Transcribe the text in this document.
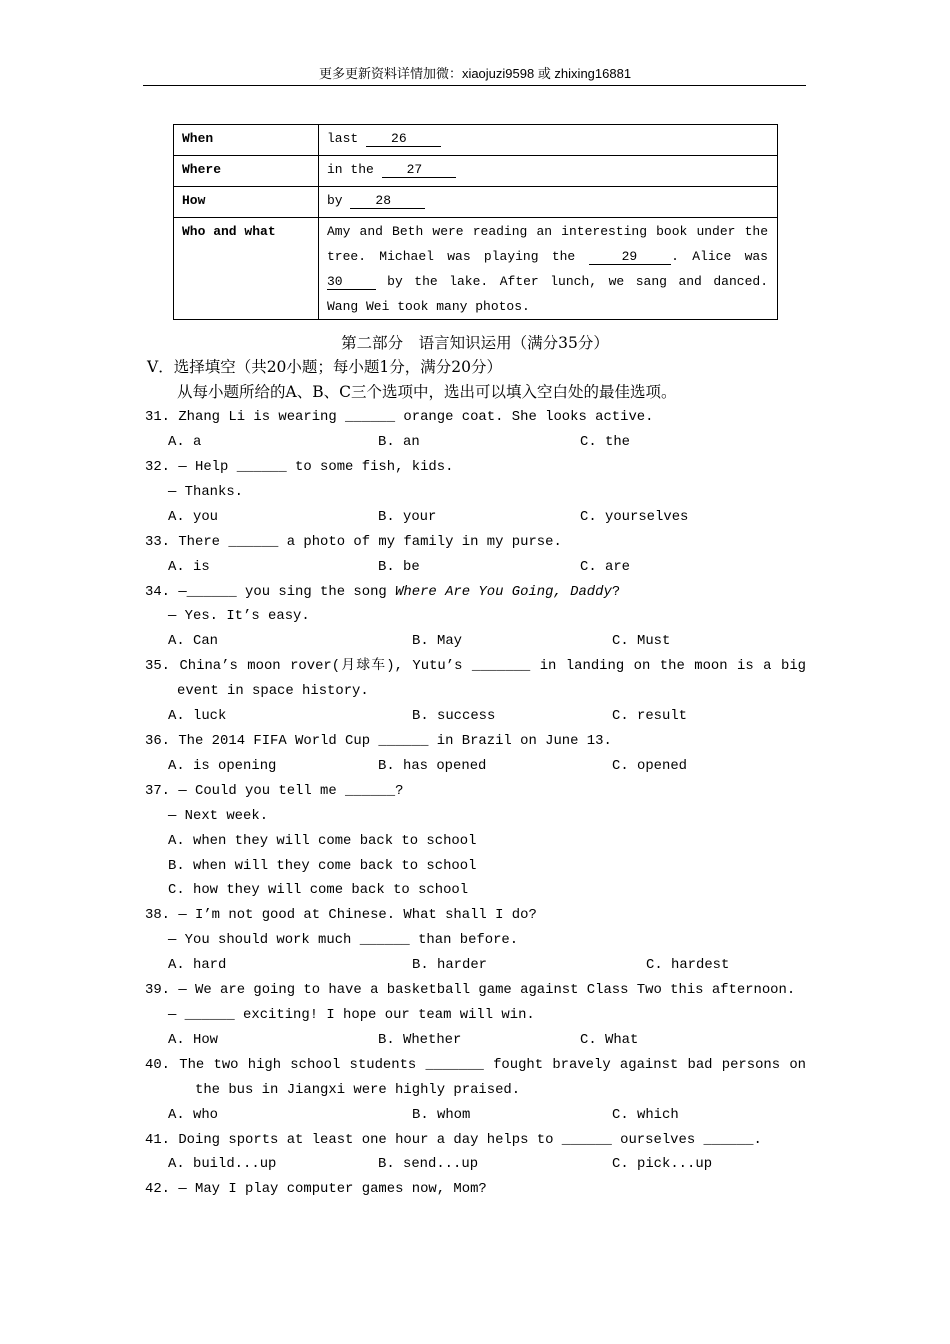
更多更新资料详情加微：xiaojuzi9598 或 zhixing16881
When	last 26
Where	in the 27
How	by 28
Who and what	Amy and Beth were reading an interesting book under the
tree. Michael was playing the 29 . Alice was
30 by the lake. After lunch, we sang and danced.
Wang Wei took many photos.
第二部分　语言知识运用（满分35分）
V．选择填空（共20小题；每小题1分，满分20分）
从每小题所给的A、B、C三个选项中，选出可以填入空白处的最佳选项。
31. Zhang Li is wearing ______ orange coat. She looks active.
A. a	B. an	C. the
32. — Help ______ to some fish, kids.
— Thanks.
A. you	B. your	C. yourselves
33. There ______ a photo of my family in my purse.
A. is	B. be	C. are
34. —______ you sing the song Where Are You Going, Daddy?
— Yes. It’s easy.
A. Can	B. May	C. Must
35. China’s moon rover(月球车), Yutu’s _______ in landing on the moon is a big
event in space history.
A. luck	B. success	C. result
36. The 2014 FIFA World Cup ______ in Brazil on June 13.
A. is opening	B. has opened	C. opened
37. — Could you tell me ______?
— Next week.
A. when they will come back to school
B. when will they come back to school
C. how they will come back to school
38. — I’m not good at Chinese. What shall I do?
— You should work much ______ than before.
A. hard	B. harder	C. hardest
39. — We are going to have a basketball game against Class Two this afternoon.
— ______ exciting! I hope our team will win.
A. How	B. Whether	C. What
40. The two high school students _______ fought bravely against bad persons on
the bus in Jiangxi were highly praised.
A. who	B. whom	C. which
41. Doing sports at least one hour a day helps to ______ ourselves ______.
A. build...up	B. send...up	C. pick...up
42. — May I play computer games now, Mom?
